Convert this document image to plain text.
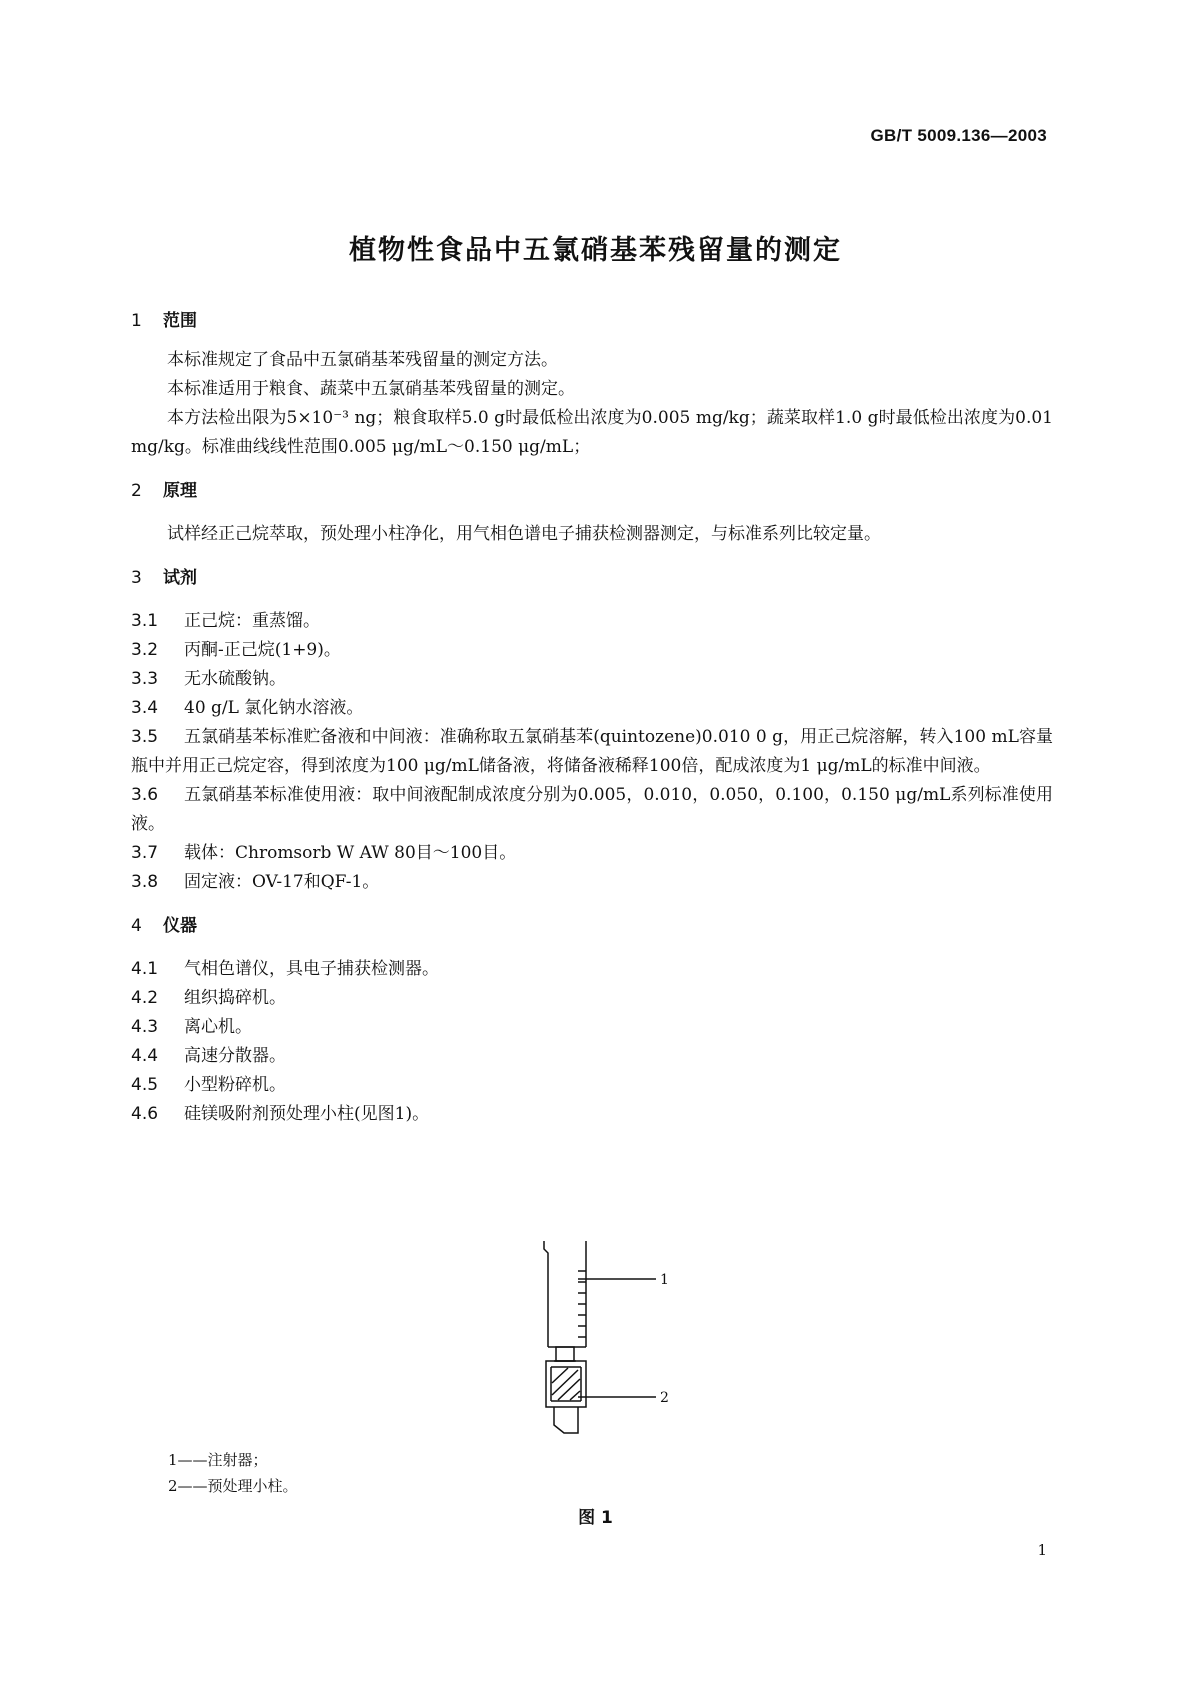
GB/T 5009.136—2003
植物性食品中五氯硝基苯残留量的测定
1 范围

本标准规定了食品中五氯硝基苯残留量的测定方法。

本标准适用于粮食、蔬菜中五氯硝基苯残留量的测定。

本方法检出限为5×10⁻³ ng；粮食取样5.0 g时最低检出浓度为0.005 mg/kg；蔬菜取样1.0 g时最低检出浓度为0.01 mg/kg。标准曲线线性范围0.005 μg/mL～0.150 μg/mL；

2 原理

试样经正己烷萃取，预处理小柱净化，用气相色谱电子捕获检测器测定，与标准系列比较定量。

3 试剂

3.1 正己烷：重蒸馏。

3.2 丙酮-正己烷(1+9)。

3.3 无水硫酸钠。

3.4 40 g/L 氯化钠水溶液。

3.5 五氯硝基苯标准贮备液和中间液：准确称取五氯硝基苯(quintozene)0.010 0 g，用正己烷溶解，转入100 mL容量瓶中并用正己烷定容，得到浓度为100 μg/mL储备液，将储备液稀释100倍，配成浓度为1 μg/mL的标准中间液。

3.6 五氯硝基苯标准使用液：取中间液配制成浓度分别为0.005，0.010，0.050，0.100，0.150 μg/mL系列标准使用液。

3.7 载体：Chromsorb W AW 80目～100目。

3.8 固定液：OV-17和QF-1。

4 仪器

4.1 气相色谱仪，具电子捕获检测器。

4.2 组织捣碎机。

4.3 离心机。

4.4 高速分散器。

4.5 小型粉碎机。

4.6 硅镁吸附剂预处理小柱(见图1)。

1
2
1——注射器；
2——预处理小柱。
图 1
1
